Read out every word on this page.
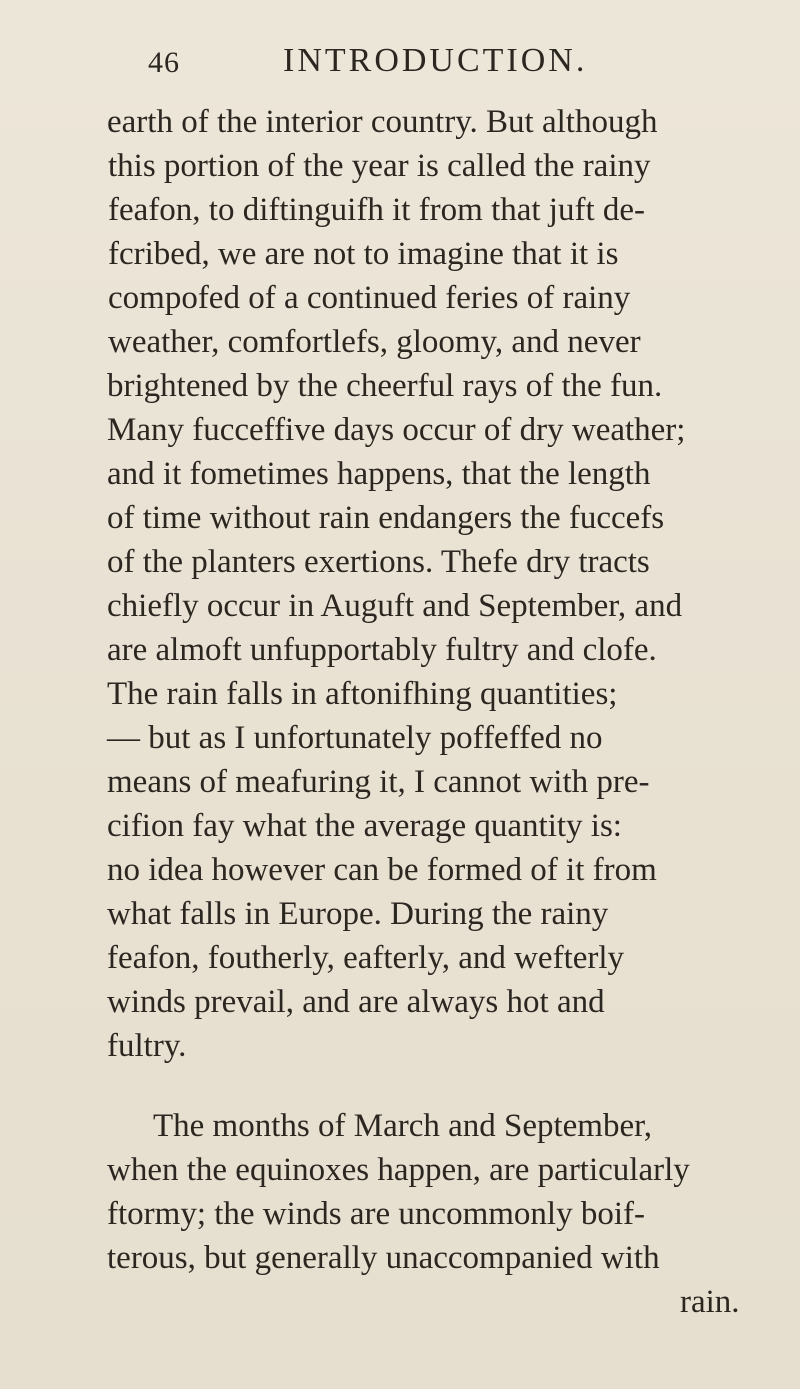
46	INTRODUCTION.
earth of the interior country. But although
this portion of the year is called the rainy
feafon, to diftinguifh it from that juft de-
fcribed, we are not to imagine that it is
compofed of a continued feries of rainy
weather, comfortlefs, gloomy, and never
brightened by the cheerful rays of the fun.
Many fucceffive days occur of dry weather;
and it fometimes happens, that the length
of time without rain endangers the fuccefs
of the planters exertions. Thefe dry tracts
chiefly occur in Auguft and September, and
are almoft unfupportably fultry and clofe.
The rain falls in aftonifhing quantities;
— but as I unfortunately poffeffed no
means of meafuring it, I cannot with pre-
cifion fay what the average quantity is:
no idea however can be formed of it from
what falls in Europe. During the rainy
feafon, foutherly, eafterly, and wefterly
winds prevail, and are always hot and
fultry.
The months of March and September,
when the equinoxes happen, are particularly
ftormy; the winds are uncommonly boif-
terous, but generally unaccompanied with
rain.
